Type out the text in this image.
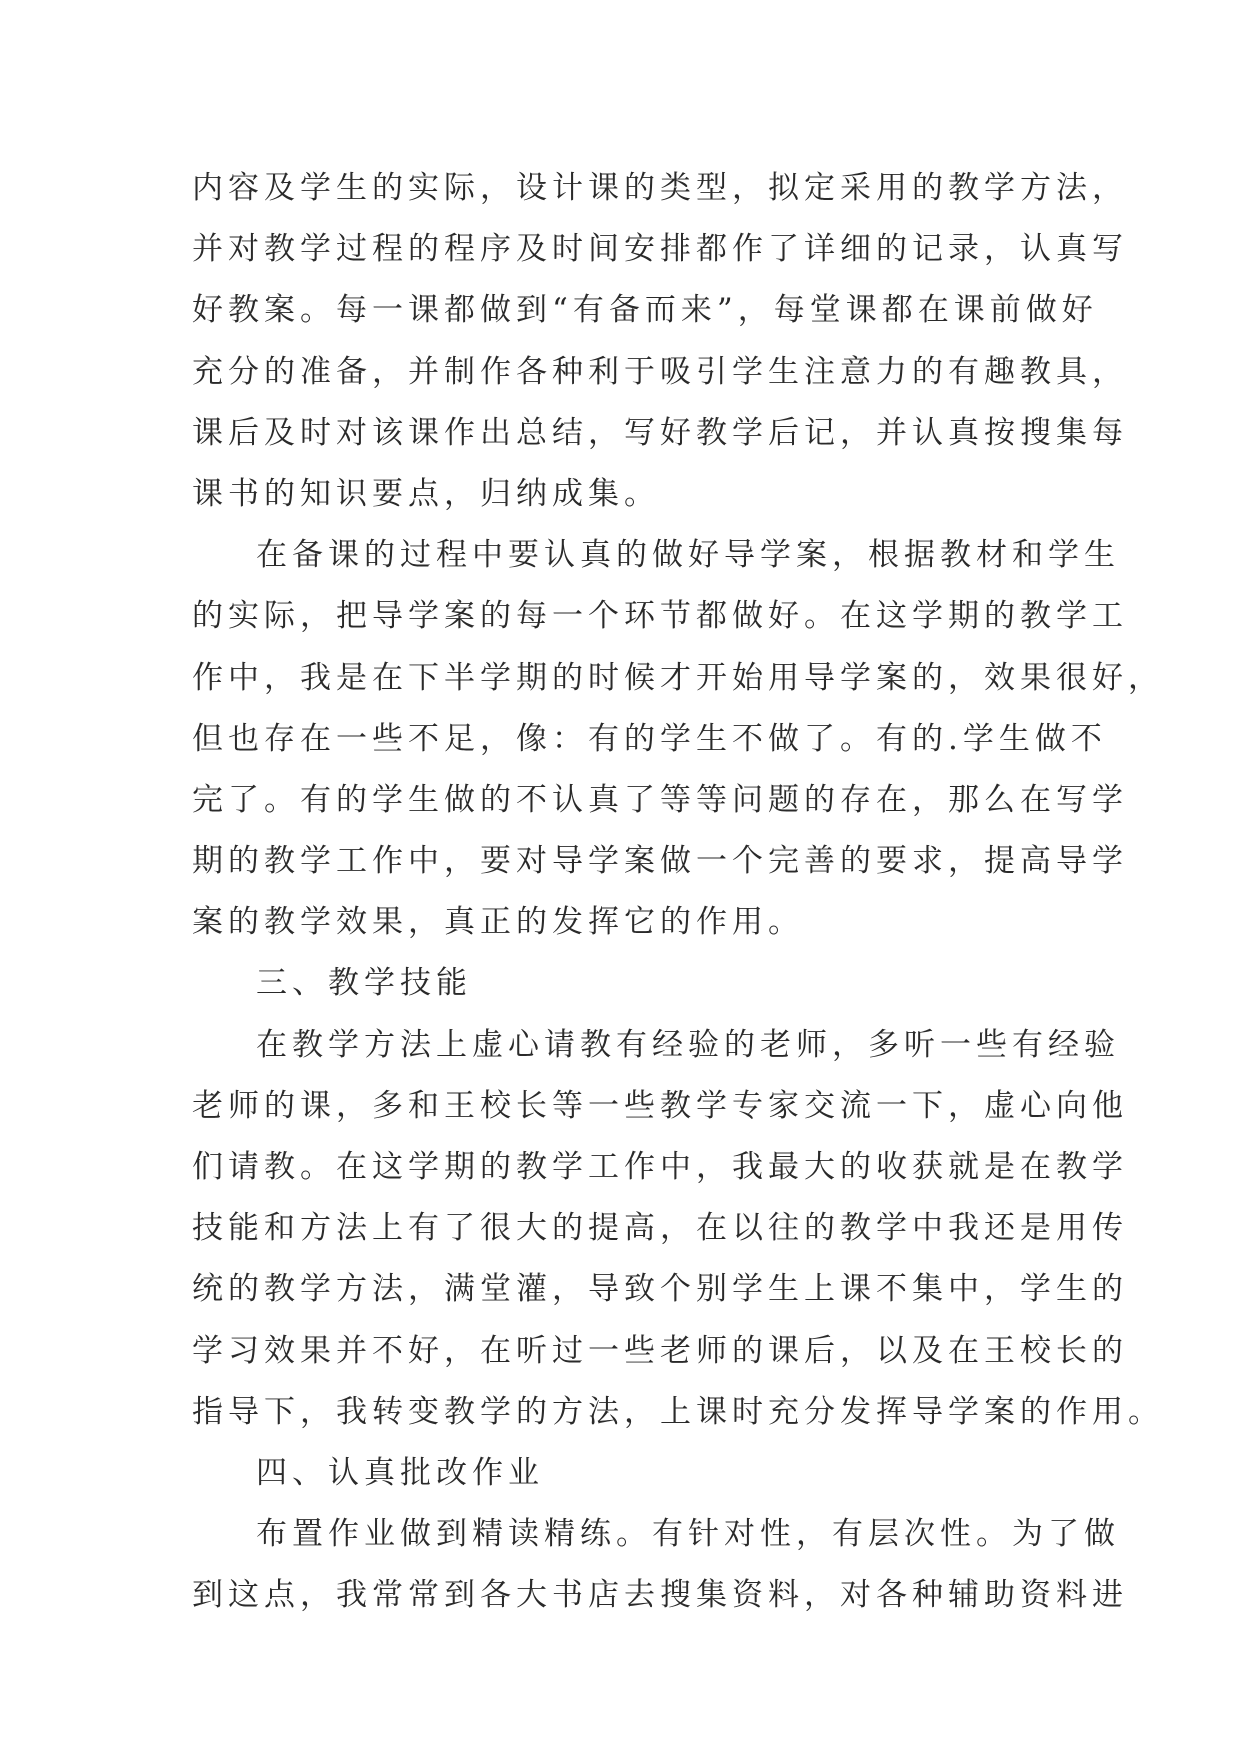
内容及学生的实际，设计课的类型，拟定采用的教学方法，
并对教学过程的程序及时间安排都作了详细的记录，认真写
好教案。每一课都做到“有备而来”，每堂课都在课前做好
充分的准备，并制作各种利于吸引学生注意力的有趣教具，
课后及时对该课作出总结，写好教学后记，并认真按搜集每
课书的知识要点，归纳成集。
在备课的过程中要认真的做好导学案，根据教材和学生
的实际，把导学案的每一个环节都做好。在这学期的教学工
作中，我是在下半学期的时候才开始用导学案的，效果很好，
但也存在一些不足，像：有的学生不做了。有的.学生做不
完了。有的学生做的不认真了等等问题的存在，那么在写学
期的教学工作中，要对导学案做一个完善的要求，提高导学
案的教学效果，真正的发挥它的作用。
三、教学技能
在教学方法上虚心请教有经验的老师，多听一些有经验
老师的课，多和王校长等一些教学专家交流一下，虚心向他
们请教。在这学期的教学工作中，我最大的收获就是在教学
技能和方法上有了很大的提高，在以往的教学中我还是用传
统的教学方法，满堂灌，导致个别学生上课不集中，学生的
学习效果并不好，在听过一些老师的课后，以及在王校长的
指导下，我转变教学的方法，上课时充分发挥导学案的作用。
四、认真批改作业
布置作业做到精读精练。有针对性，有层次性。为了做
到这点，我常常到各大书店去搜集资料，对各种辅助资料进
